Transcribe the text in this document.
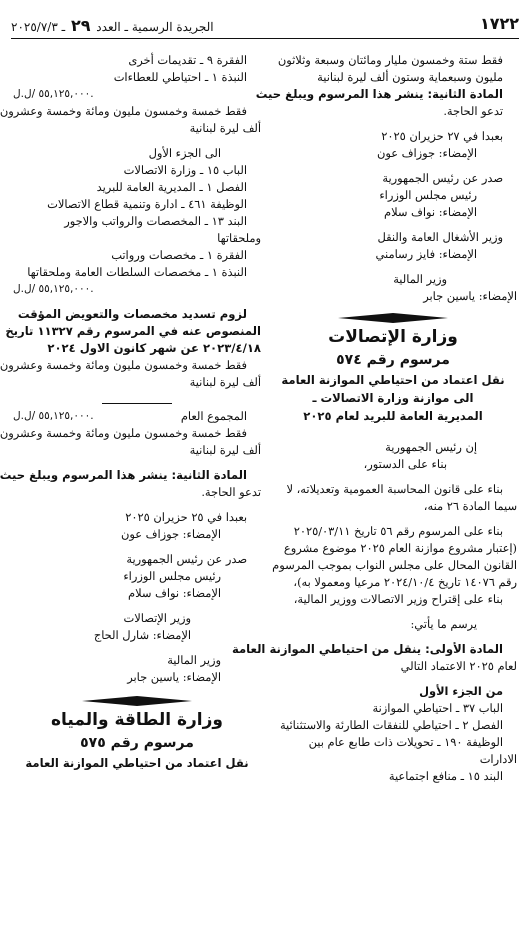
١٧٢٢
الجريدة الرسمية ـ العدد ٢٩ ـ ٢٠٢٥/٧/٣
فقط ستة وخمسون مليار ومائتان وسبعة وثلاثون
مليون وسبعماية وستون ألف ليرة لبنانية
المادة الثانية: ينشر هذا المرسوم ويبلغ حيث
تدعو الحاجة.
بعبدا في ٢٧ حزيران ٢٠٢٥
الإمضاء: جوزاف عون
صدر عن رئيس الجمهورية
رئيس مجلس الوزراء
الإمضاء: نواف سلام
وزير الأشغال العامة والنقل
الإمضاء: فايز رسامني
وزير المالية
الإمضاء: ياسين جابر
وزارة الإتصالات
مرسوم رقم ٥٧٤
نقل اعتماد من احتياطي الموازنة العامة
الى موازنة وزارة الاتصالات ـ
المديرية العامة للبريد لعام ٢٠٢٥
إن رئيس الجمهورية
بناء على الدستور،
بناء على قانون المحاسبة العمومية وتعديلاته، لا
سيما المادة ٢٦ منه،
بناء على المرسوم رقم ٥٦ تاريخ ٢٠٢٥/٠٣/١١
(إعتبار مشروع موازنة العام ٢٠٢٥ موضوع مشروع
القانون المحال على مجلس النواب بموجب المرسوم
رقم ١٤٠٧٦ تاريخ ٢٠٢٤/١٠/٤ مرعيا ومعمولا به)،
بناء على إقتراح وزير الاتصالات ووزير المالية،
يرسم ما يأتي:
المادة الأولى: ينقل من احتياطي الموازنة العامة
لعام ٢٠٢٥ الاعتماد التالي
من الجزء الأول
الباب ٣٧ ـ احتياطي الموازنة
الفصل ٢ ـ احتياطي للنفقات الطارئة والاستثنائية
الوظيفة ١٩٠ ـ تحويلات ذات طابع عام بين
الادارات
البند ١٥ ـ منافع اجتماعية
الفقرة ٩ ـ تقديمات أخرى
النبذة ١ ـ احتياطي للعطاءات
٥٥,١٢٥,٠٠٠ /ل.ل.
فقط خمسة وخمسون مليون ومائة وخمسة وعشرون
ألف ليرة لبنانية
الى الجزء الأول
الباب ١٥ ـ وزارة الاتصالات
الفصل ١ ـ المديرية العامة للبريد
الوظيفة ٤٦١ ـ ادارة وتنمية قطاع الاتصالات
البند ١٣ ـ المخصصات والرواتب والاجور
وملحقاتها
الفقرة ١ ـ مخصصات ورواتب
النبذة ١ ـ مخصصات السلطات العامة وملحقاتها
٥٥,١٢٥,٠٠٠ /ل.ل.
لزوم تسديد مخصصات والتعويض المؤقت
المنصوص عنه في المرسوم رقم ١١٣٢٧ تاريخ
٢٠٢٣/٤/١٨ عن شهر كانون الاول ٢٠٢٤
فقط خمسة وخمسون مليون ومائة وخمسة وعشرون
ألف ليرة لبنانية
المجموع العام
٥٥,١٢٥,٠٠٠ /ل.ل.
فقط خمسة وخمسون مليون ومائة وخمسة وعشرون
ألف ليرة لبنانية
المادة الثانية: ينشر هذا المرسوم ويبلغ حيث
تدعو الحاجة.
بعبدا في ٢٥ حزيران ٢٠٢٥
الإمضاء: جوزاف عون
صدر عن رئيس الجمهورية
رئيس مجلس الوزراء
الإمضاء: نواف سلام
وزير الإتصالات
الإمضاء: شارل الحاج
وزير المالية
الإمضاء: ياسين جابر
وزارة الطاقة والمياه
مرسوم رقم ٥٧٥
نقل اعتماد من احتياطي الموازنة العامة
